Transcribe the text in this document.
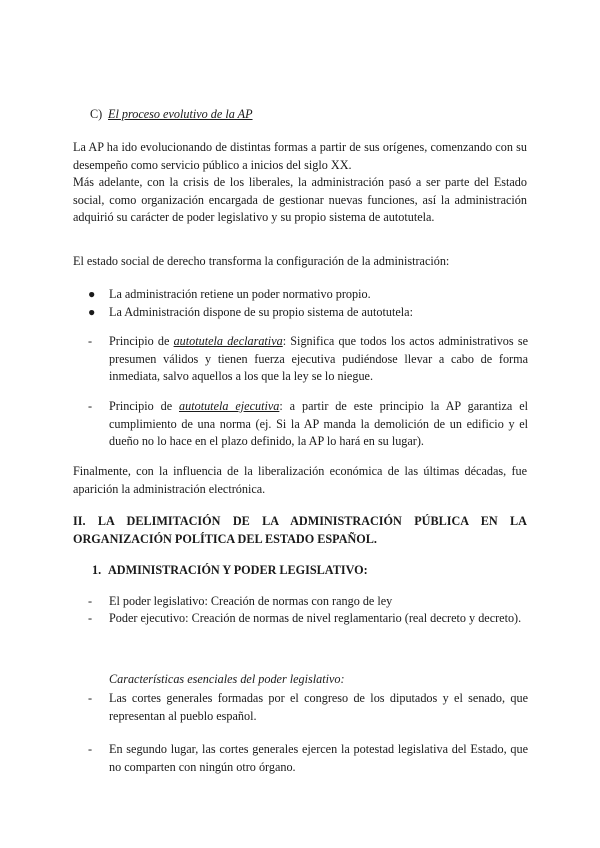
C) El proceso evolutivo de la AP

La AP ha ido evolucionando de distintas formas a partir de sus orígenes, comenzando con su desempeño como servicio público a inicios del siglo XX.

Más adelante, con la crisis de los liberales, la administración pasó a ser parte del Estado social, como organización encargada de gestionar nuevas funciones, así la administración adquirió su carácter de poder legislativo y su propio sistema de autotutela.

El estado social de derecho transforma la configuración de la administración:

●	La administración retiene un poder normativo propio.
●	La Administración dispone de su propio sistema de autotutela:
-	Principio de autotutela declarativa: Significa que todos los actos administrativos se presumen válidos y tienen fuerza ejecutiva pudiéndose llevar a cabo de forma inmediata, salvo aquellos a los que la ley se lo niegue.
-	Principio de autotutela ejecutiva: a partir de este principio la AP garantiza el cumplimiento de una norma (ej. Si la AP manda la demolición de un edificio y el dueño no lo hace en el plazo definido, la AP lo hará en su lugar).

Finalmente, con la influencia de la liberalización económica de las últimas décadas, fue aparición la administración electrónica.

II. LA DELIMITACIÓN DE LA ADMINISTRACIÓN PÚBLICA EN LA ORGANIZACIÓN POLÍTICA DEL ESTADO ESPAÑOL.

1. ADMINISTRACIÓN Y PODER LEGISLATIVO:
-	El poder legislativo: Creación de normas con rango de ley
-	Poder ejecutivo: Creación de normas de nivel reglamentario (real decreto y decreto).

Características esenciales del poder legislativo:

-	Las cortes generales formadas por el congreso de los diputados y el senado, que representan al pueblo español.
-	En segundo lugar, las cortes generales ejercen la potestad legislativa del Estado, que no comparten con ningún otro órgano.
